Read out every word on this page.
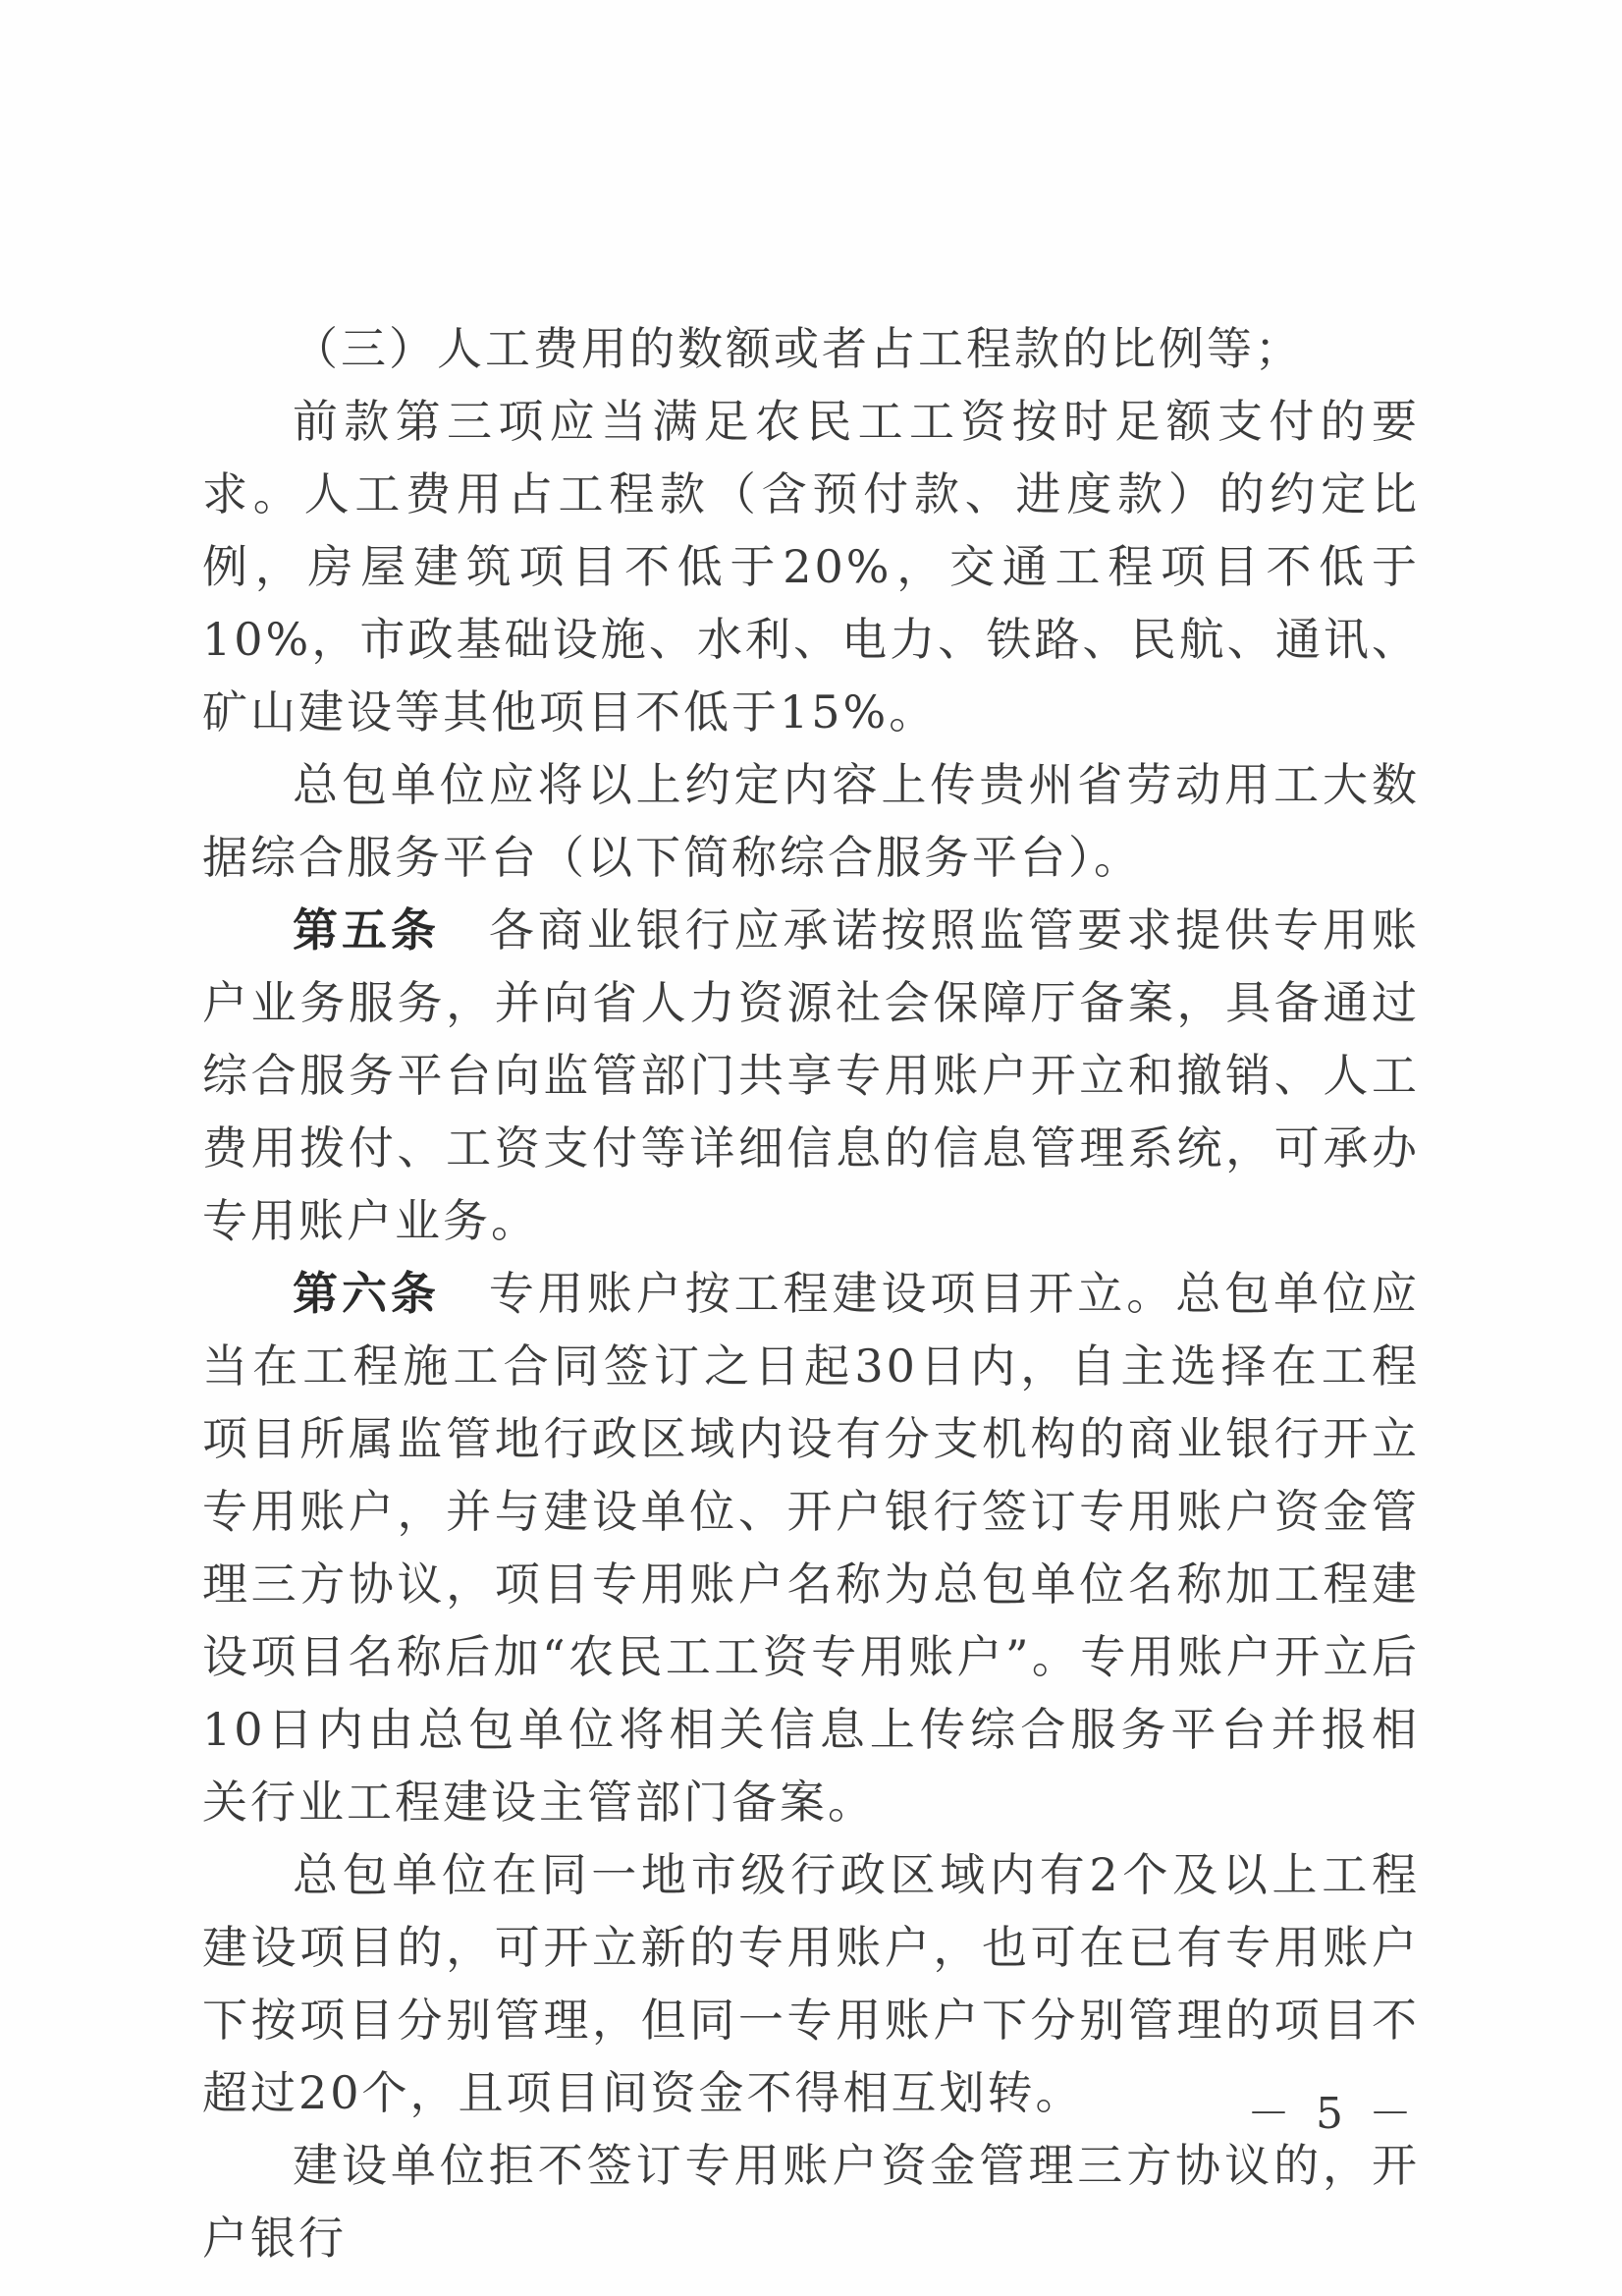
（三）人工费用的数额或者占工程款的比例等；

前款第三项应当满足农民工工资按时足额支付的要求。人工费用占工程款（含预付款、进度款）的约定比例，房屋建筑项目不低于20%，交通工程项目不低于10%，市政基础设施、水利、电力、铁路、民航、通讯、矿山建设等其他项目不低于15%。

总包单位应将以上约定内容上传贵州省劳动用工大数据综合服务平台（以下简称综合服务平台）。

第五条　各商业银行应承诺按照监管要求提供专用账户业务服务，并向省人力资源社会保障厅备案，具备通过综合服务平台向监管部门共享专用账户开立和撤销、人工费用拨付、工资支付等详细信息的信息管理系统，可承办专用账户业务。

第六条　专用账户按工程建设项目开立。总包单位应当在工程施工合同签订之日起30日内，自主选择在工程项目所属监管地行政区域内设有分支机构的商业银行开立专用账户，并与建设单位、开户银行签订专用账户资金管理三方协议，项目专用账户名称为总包单位名称加工程建设项目名称后加“农民工工资专用账户”。专用账户开立后10日内由总包单位将相关信息上传综合服务平台并报相关行业工程建设主管部门备案。

总包单位在同一地市级行政区域内有2个及以上工程建设项目的，可开立新的专用账户，也可在已有专用账户下按项目分别管理，但同一专用账户下分别管理的项目不超过20个，且项目间资金不得相互划转。

建设单位拒不签订专用账户资金管理三方协议的，开户银行

－ 5 －
